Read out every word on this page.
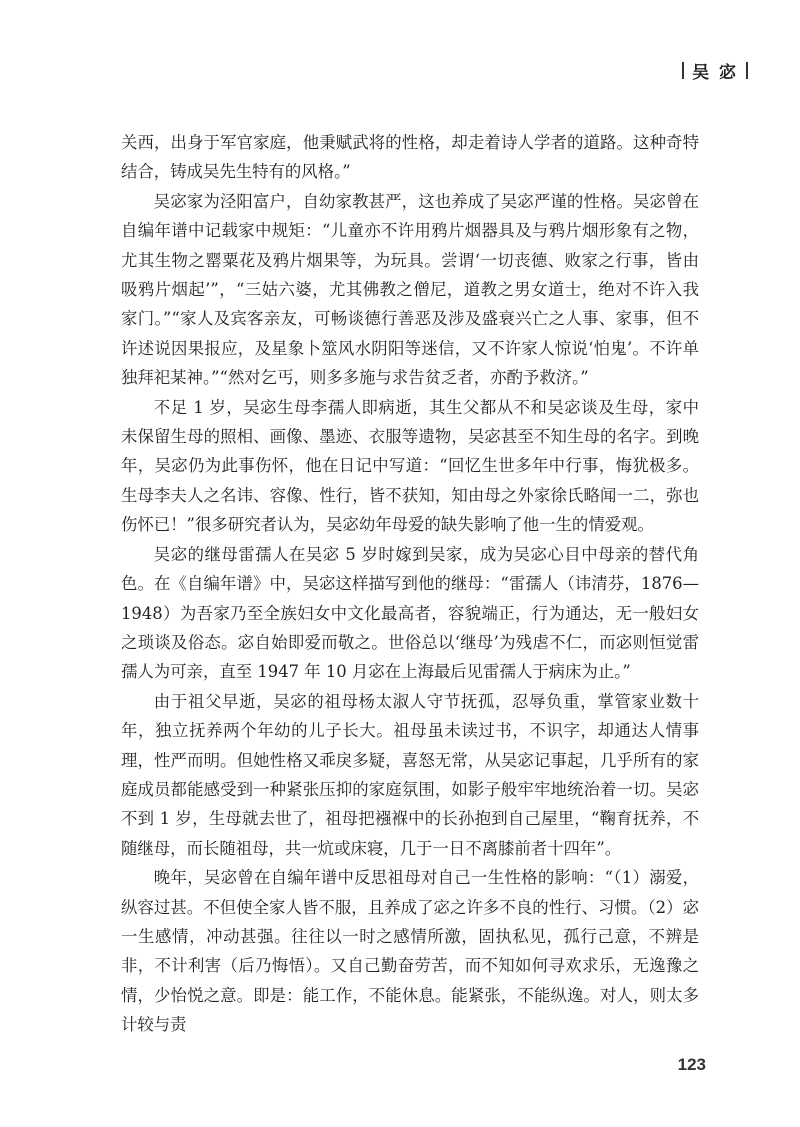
吴 宓

关西，出身于军官家庭，他秉赋武将的性格，却走着诗人学者的道路。这种奇特结合，铸成吴先生特有的风格。”

吴宓家为泾阳富户，自幼家教甚严，这也养成了吴宓严谨的性格。吴宓曾在自编年谱中记载家中规矩：“儿童亦不许用鸦片烟器具及与鸦片烟形象有之物，尤其生物之罂粟花及鸦片烟果等，为玩具。尝谓‘一切丧德、败家之行事，皆由吸鸦片烟起’”，“三姑六婆，尤其佛教之僧尼，道教之男女道士，绝对不许入我家门。”“家人及宾客亲友，可畅谈德行善恶及涉及盛衰兴亡之人事、家事，但不许述说因果报应，及星象卜筮风水阴阳等迷信，又不许家人惊说‘怕鬼’。不许单独拜祀某神。”“然对乞丐，则多多施与求告贫乏者，亦酌予救济。”

不足 1 岁，吴宓生母李孺人即病逝，其生父都从不和吴宓谈及生母，家中未保留生母的照相、画像、墨迹、衣服等遗物，吴宓甚至不知生母的名字。到晚年，吴宓仍为此事伤怀，他在日记中写道：“回忆生世多年中行事，悔犹极多。生母李夫人之名讳、容像、性行，皆不获知，知由母之外家徐氏略闻一二，弥也伤怀已！”很多研究者认为，吴宓幼年母爱的缺失影响了他一生的情爱观。

吴宓的继母雷孺人在吴宓 5 岁时嫁到吴家，成为吴宓心目中母亲的替代角色。在《自编年谱》中，吴宓这样描写到他的继母：“雷孺人（讳清芬，1876—1948）为吾家乃至全族妇女中文化最高者，容貌端正，行为通达，无一般妇女之琐谈及俗态。宓自始即爱而敬之。世俗总以‘继母’为残虐不仁，而宓则恒觉雷孺人为可亲，直至 1947 年 10 月宓在上海最后见雷孺人于病床为止。”

由于祖父早逝，吴宓的祖母杨太淑人守节抚孤，忍辱负重，掌管家业数十年，独立抚养两个年幼的儿子长大。祖母虽未读过书，不识字，却通达人情事理，性严而明。但她性格又乖戾多疑，喜怒无常，从吴宓记事起，几乎所有的家庭成员都能感受到一种紧张压抑的家庭氛围，如影子般牢牢地统治着一切。吴宓不到 1 岁，生母就去世了，祖母把襁褓中的长孙抱到自己屋里，“鞠育抚养，不随继母，而长随祖母，共一炕或床寝，几于一日不离膝前者十四年”。

晚年，吴宓曾在自编年谱中反思祖母对自己一生性格的影响：“（1）溺爱，纵容过甚。不但使全家人皆不服，且养成了宓之许多不良的性行、习惯。（2）宓一生感情，冲动甚强。往往以一时之感情所激，固执私见，孤行己意，不辨是非，不计利害（后乃悔悟）。又自己勤奋劳苦，而不知如何寻欢求乐，无逸豫之情，少怡悦之意。即是：能工作，不能休息。能紧张，不能纵逸。对人，则太多计较与责

123
